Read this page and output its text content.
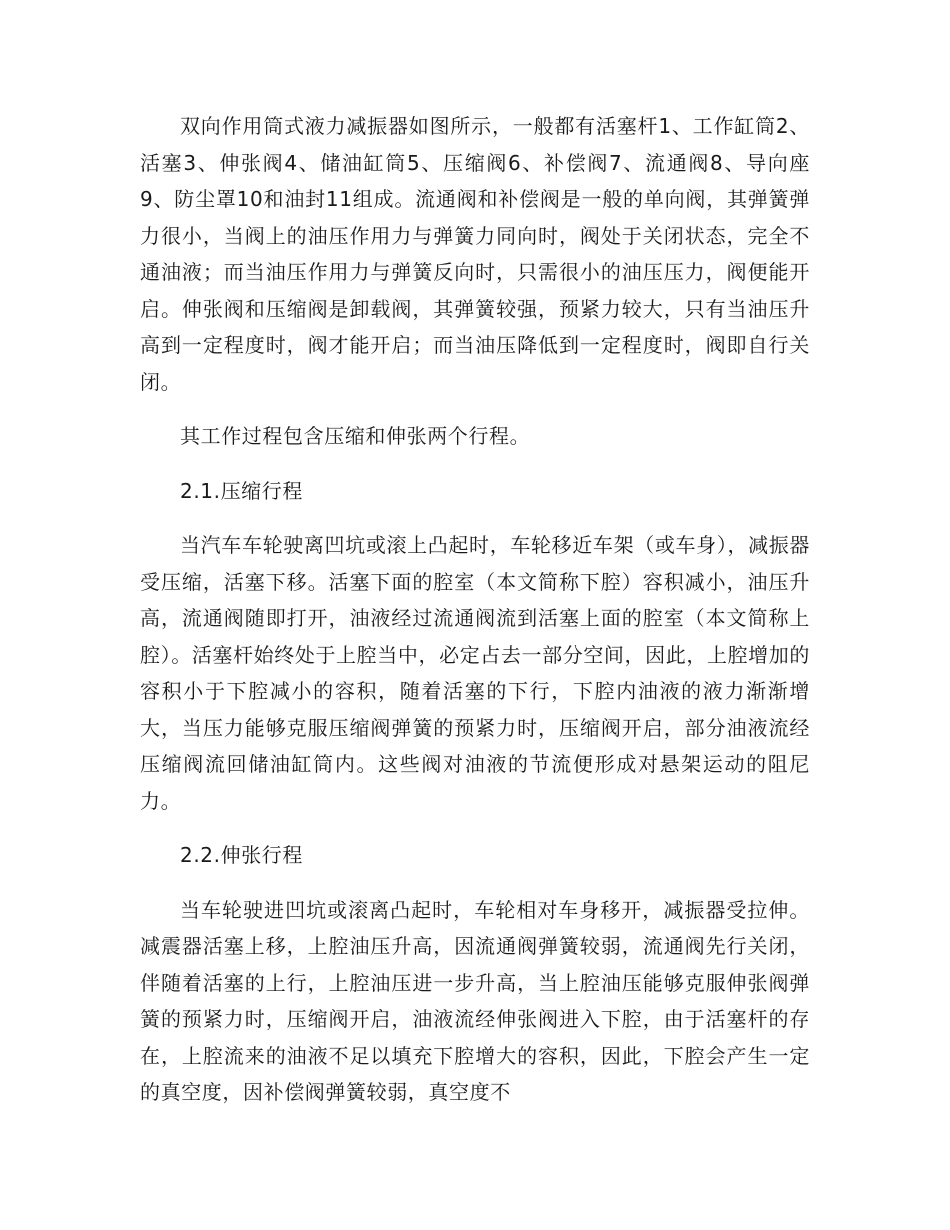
双向作用筒式液力减振器如图所示，一般都有活塞杆1、工作缸筒2、活塞3、伸张阀4、储油缸筒5、压缩阀6、补偿阀7、流通阀8、导向座9、防尘罩10和油封11组成。流通阀和补偿阀是一般的单向阀，其弹簧弹力很小，当阀上的油压作用力与弹簧力同向时，阀处于关闭状态，完全不通油液；而当油压作用力与弹簧反向时，只需很小的油压压力，阀便能开启。伸张阀和压缩阀是卸载阀，其弹簧较强，预紧力较大，只有当油压升高到一定程度时，阀才能开启；而当油压降低到一定程度时，阀即自行关闭。

其工作过程包含压缩和伸张两个行程。

2.1.压缩行程

当汽车车轮驶离凹坑或滚上凸起时，车轮移近车架（或车身），减振器受压缩，活塞下移。活塞下面的腔室（本文简称下腔）容积减小，油压升高，流通阀随即打开，油液经过流通阀流到活塞上面的腔室（本文简称上腔）。活塞杆始终处于上腔当中，必定占去一部分空间，因此，上腔增加的容积小于下腔减小的容积，随着活塞的下行，下腔内油液的液力渐渐增大，当压力能够克服压缩阀弹簧的预紧力时，压缩阀开启，部分油液流经压缩阀流回储油缸筒内。这些阀对油液的节流便形成对悬架运动的阻尼力。

2.2.伸张行程

当车轮驶进凹坑或滚离凸起时，车轮相对车身移开，减振器受拉伸。减震器活塞上移，上腔油压升高，因流通阀弹簧较弱，流通阀先行关闭，伴随着活塞的上行，上腔油压进一步升高，当上腔油压能够克服伸张阀弹簧的预紧力时，压缩阀开启，油液流经伸张阀进入下腔，由于活塞杆的存在，上腔流来的油液不足以填充下腔增大的容积，因此，下腔会产生一定的真空度，因补偿阀弹簧较弱，真空度不
